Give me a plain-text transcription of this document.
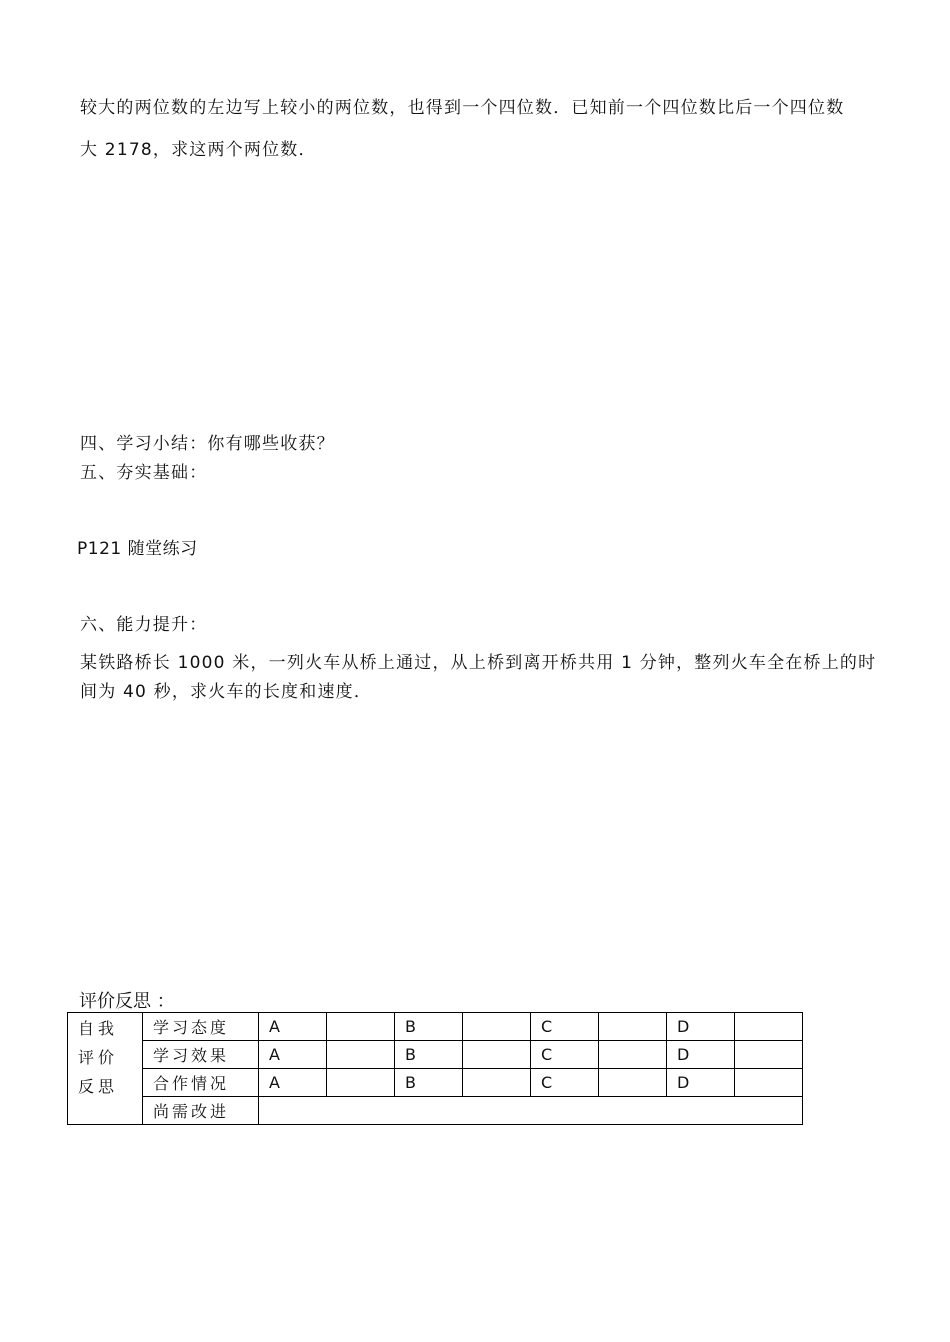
较大的两位数的左边写上较小的两位数，也得到一个四位数．已知前一个四位数比后一个四位数
大 2178，求这两个两位数．
四、学习小结：你有哪些收获？
五、夯实基础：
P121 随堂练习
六、能力提升：
某铁路桥长 1000 米，一列火车从桥上通过，从上桥到离开桥共用 1 分钟，整列火车全在桥上的时
间为 40 秒，求火车的长度和速度．
评价反思 ：
自我
评价
反思	学习态度	A		B		C		D	
	学习效果	A		B		C		D	
	合作情况	A		B		C		D	
	尚需改进								
